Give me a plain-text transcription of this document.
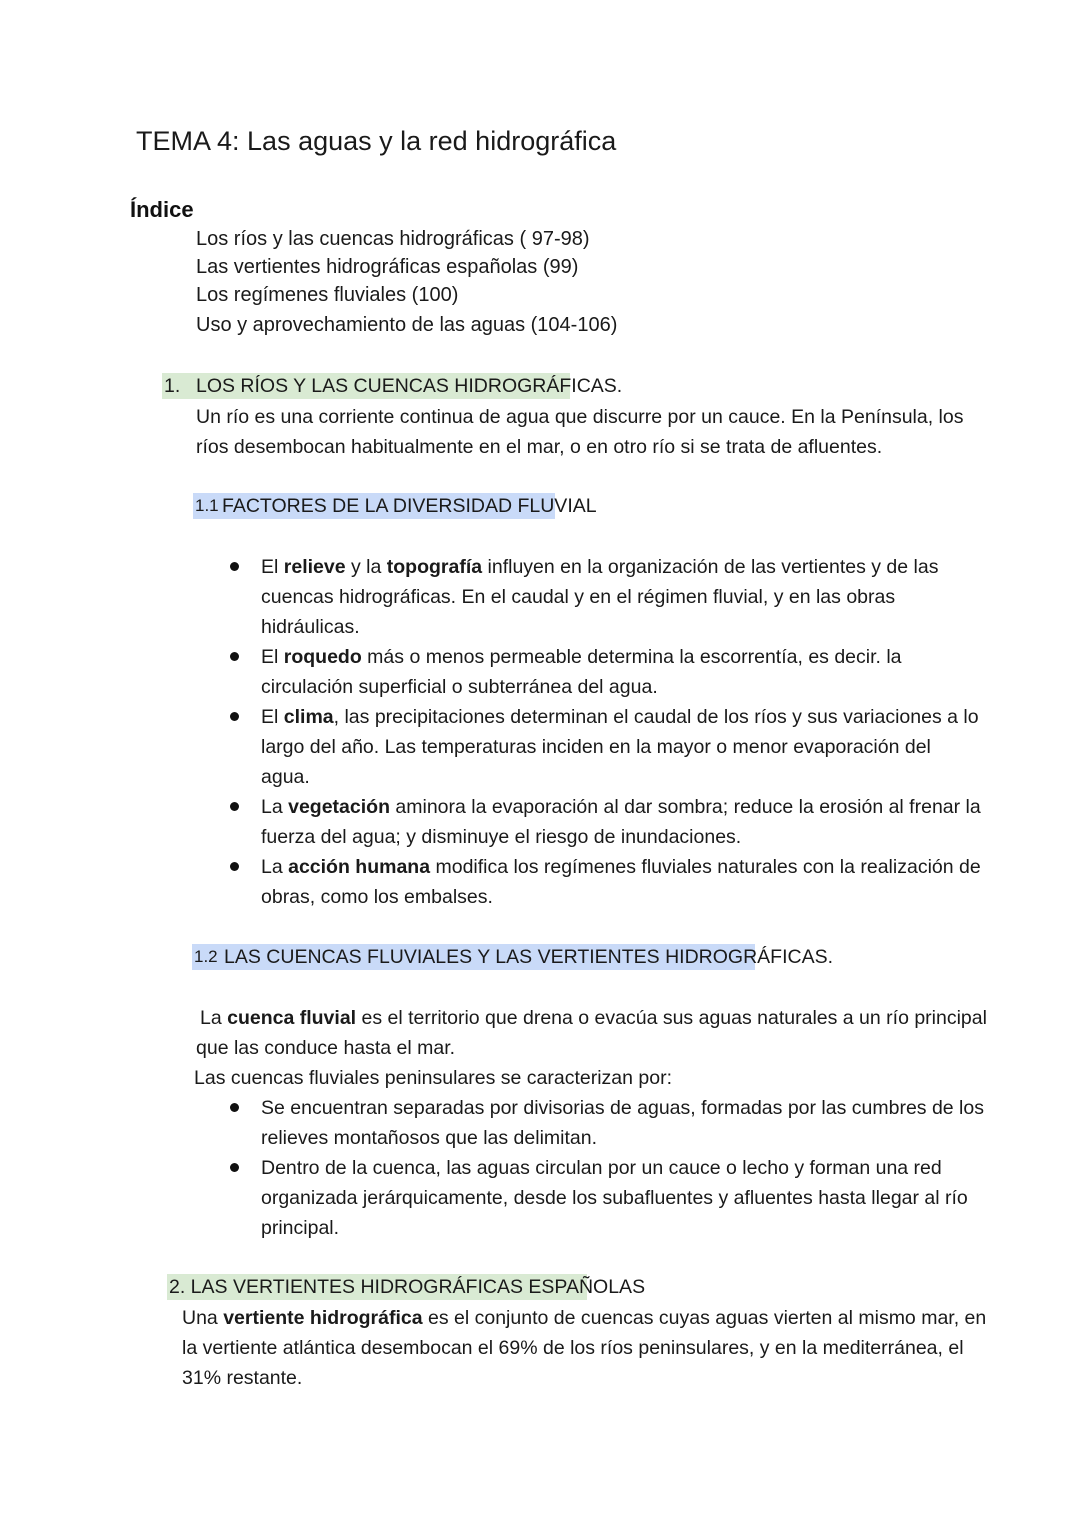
TEMA 4: Las aguas y la red hidrográfica
Índice
Los ríos y las cuencas hidrográficas ( 97-98)
Las vertientes hidrográficas españolas (99)
Los regímenes fluviales (100)
Uso y aprovechamiento de las aguas (104-106)
1. LOS RÍOS Y LAS CUENCAS HIDROGRÁFICAS.
Un río es una corriente continua de agua que discurre por un cauce. En la Península, los
ríos desembocan habitualmente en el mar, o en otro río si se trata de afluentes.
1.1 FACTORES DE LA DIVERSIDAD FLUVIAL
El relieve y la topografía influyen en la organización de las vertientes y de las
cuencas hidrográficas. En el caudal y en el régimen fluvial, y en las obras
hidráulicas.
El roquedo más o menos permeable determina la escorrentía, es decir. la
circulación superficial o subterránea del agua.
El clima, las precipitaciones determinan el caudal de los ríos y sus variaciones a lo
largo del año. Las temperaturas inciden en la mayor o menor evaporación del
agua.
La vegetación aminora la evaporación al dar sombra; reduce la erosión al frenar la
fuerza del agua; y disminuye el riesgo de inundaciones.
La acción humana modifica los regímenes fluviales naturales con la realización de
obras, como los embalses.
1.2 LAS CUENCAS FLUVIALES Y LAS VERTIENTES HIDROGRÁFICAS.
La cuenca fluvial es el territorio que drena o evacúa sus aguas naturales a un río principal
que las conduce hasta el mar.
Las cuencas fluviales peninsulares se caracterizan por:
Se encuentran separadas por divisorias de aguas, formadas por las cumbres de los
relieves montañosos que las delimitan.
Dentro de la cuenca, las aguas circulan por un cauce o lecho y forman una red
organizada jerárquicamente, desde los subafluentes y afluentes hasta llegar al río
principal.
2. LAS VERTIENTES HIDROGRÁFICAS ESPAÑOLAS
Una vertiente hidrográfica es el conjunto de cuencas cuyas aguas vierten al mismo mar, en
la vertiente atlántica desembocan el 69% de los ríos peninsulares, y en la mediterránea, el
31% restante.
